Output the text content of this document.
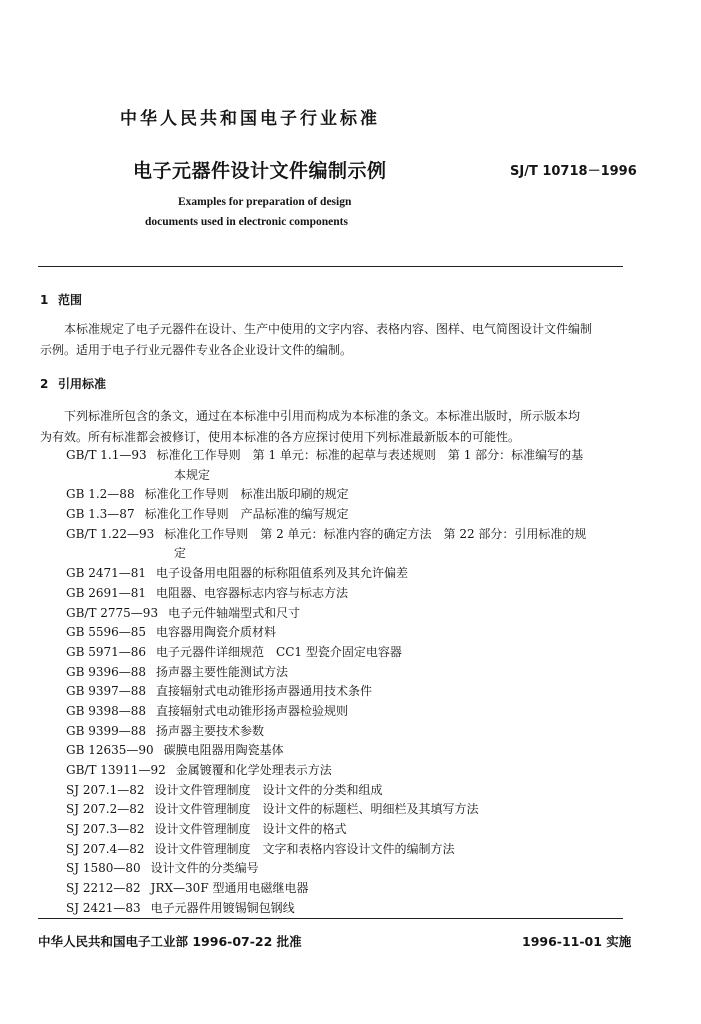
中华人民共和国电子行业标准
电子元器件设计文件编制示例	SJ/T 10718－1996
Examples for preparation of design
documents used in electronic components
1 范围
本标准规定了电子元器件在设计、生产中使用的文字内容、表格内容、图样、电气简图设计文件编制
示例。适用于电子行业元器件专业各企业设计文件的编制。
2 引用标准
下列标准所包含的条文，通过在本标准中引用而构成为本标准的条文。本标准出版时，所示版本均
为有效。所有标准都会被修订，使用本标准的各方应探讨使用下列标准最新版本的可能性。
GB/T 1.1—93 标准化工作导则　第 1 单元：标准的起草与表述规则　第 1 部分：标准编写的基
本规定
GB 1.2—88 标准化工作导则　标准出版印刷的规定
GB 1.3—87 标准化工作导则　产品标准的编写规定
GB/T 1.22—93 标准化工作导则　第 2 单元：标准内容的确定方法　第 22 部分：引用标准的规
定
GB 2471—81 电子设备用电阻器的标称阻值系列及其允许偏差
GB 2691—81 电阻器、电容器标志内容与标志方法
GB/T 2775—93 电子元件轴端型式和尺寸
GB 5596—85 电容器用陶瓷介质材料
GB 5971—86 电子元器件详细规范　CC1 型瓷介固定电容器
GB 9396—88 扬声器主要性能测试方法
GB 9397—88 直接辐射式电动锥形扬声器通用技术条件
GB 9398—88 直接辐射式电动锥形扬声器检验规则
GB 9399—88 扬声器主要技术参数
GB 12635—90 碳膜电阻器用陶瓷基体
GB/T 13911—92 金属镀覆和化学处理表示方法
SJ 207.1—82 设计文件管理制度　设计文件的分类和组成
SJ 207.2—82 设计文件管理制度　设计文件的标题栏、明细栏及其填写方法
SJ 207.3—82 设计文件管理制度　设计文件的格式
SJ 207.4—82 设计文件管理制度　文字和表格内容设计文件的编制方法
SJ 1580—80 设计文件的分类编号
SJ 2212—82 JRX—30F 型通用电磁继电器
SJ 2421—83 电子元器件用镀锡铜包钢线
中华人民共和国电子工业部 1996-07-22 批准	1996-11-01 实施
